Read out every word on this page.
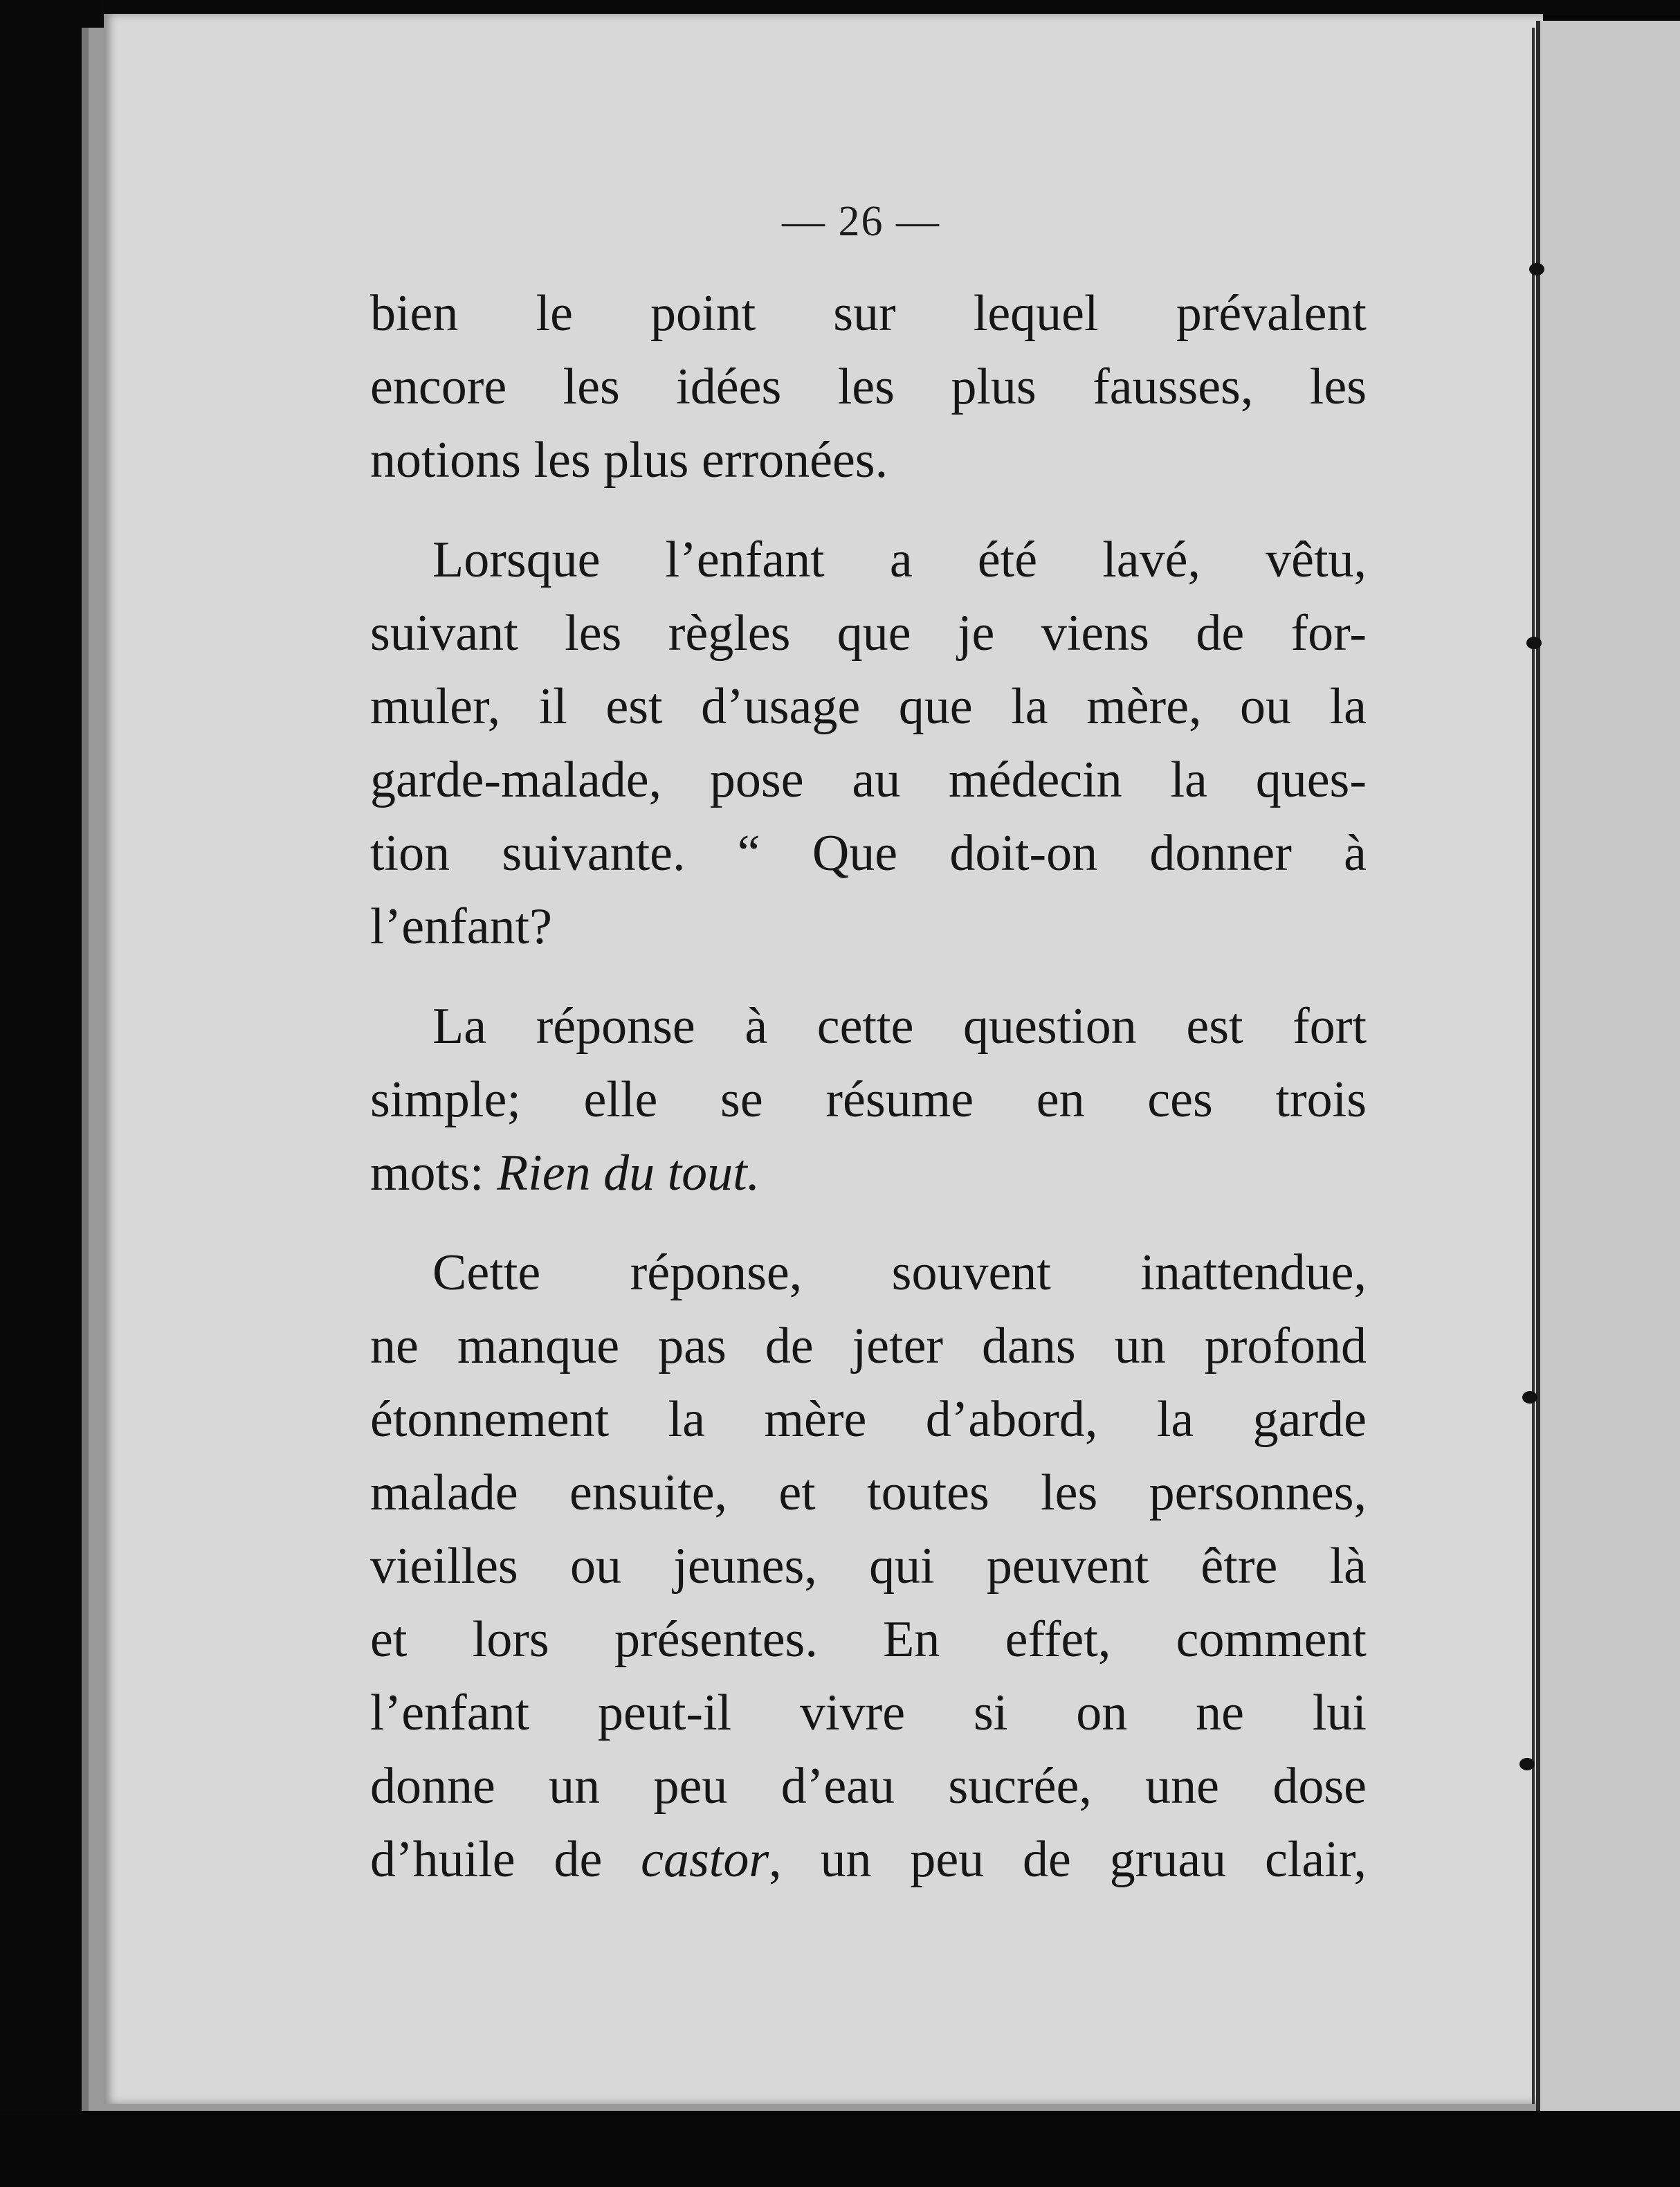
— 26 —

bien le point sur lequel prévalent
encore les idées les plus fausses, les
notions les plus erronées.

Lorsque l’enfant a été lavé, vêtu,
suivant les règles que je viens de for-
muler, il est d’usage que la mère, ou la
garde-malade, pose au médecin la ques-
tion suivante. “ Que doit-on donner à
l’enfant?

La réponse à cette question est fort
simple; elle se résume en ces trois
mots: Rien du tout.

Cette réponse, souvent inattendue,
ne manque pas de jeter dans un profond
étonnement la mère d’abord, la garde
malade ensuite, et toutes les personnes,
vieilles ou jeunes, qui peuvent être là
et lors présentes. En effet, comment
l’enfant peut-il vivre si on ne lui
donne un peu d’eau sucrée, une dose
d’huile de castor, un peu de gruau clair,
